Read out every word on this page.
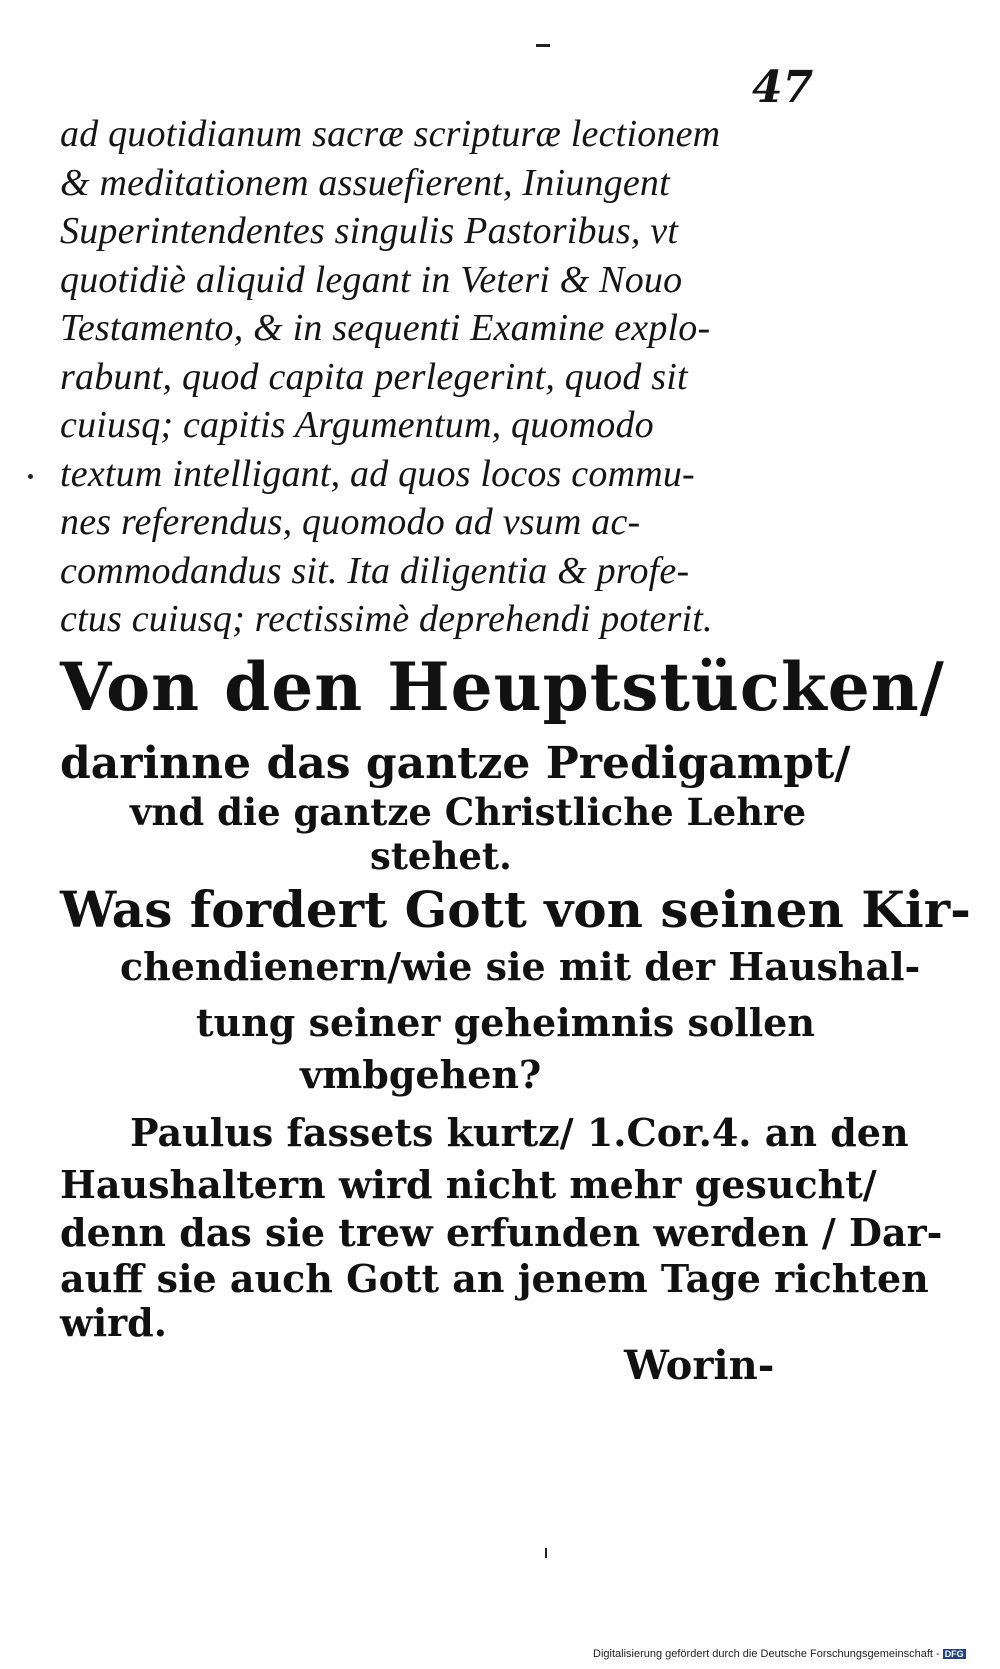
47
ad quotidianum sacræ scripturæ lectionem
& meditationem assuefierent, Iniungent
Superintendentes singulis Pastoribus, vt
quotidiè aliquid legant in Veteri & Nouo
Testamento, & in sequenti Examine explo-
rabunt, quod capita perlegerint, quod sit
cuiusq; capitis Argumentum, quomodo
textum intelligant, ad quos locos commu-
nes referendus, quomodo ad vsum ac-
commodandus sit. Ita diligentia & profe-
ctus cuiusq; rectissimè deprehendi poterit.
Von den Heuptstücken/
darinne das gantze Predigampt/
vnd die gantze Christliche Lehre
stehet.
Was fordert Gott von seinen Kir-
chendienern/wie sie mit der Haushal-
tung seiner geheimnis sollen
vmbgehen?
Paulus fassets kurtz/ 1.Cor.4. an den
Haushaltern wird nicht mehr gesucht/
denn das sie trew erfunden werden / Dar-
auff sie auch Gott an jenem Tage richten
wird.
Worin-
Digitalisierung gefördert durch die Deutsche Forschungsgemeinschaft - DFG
